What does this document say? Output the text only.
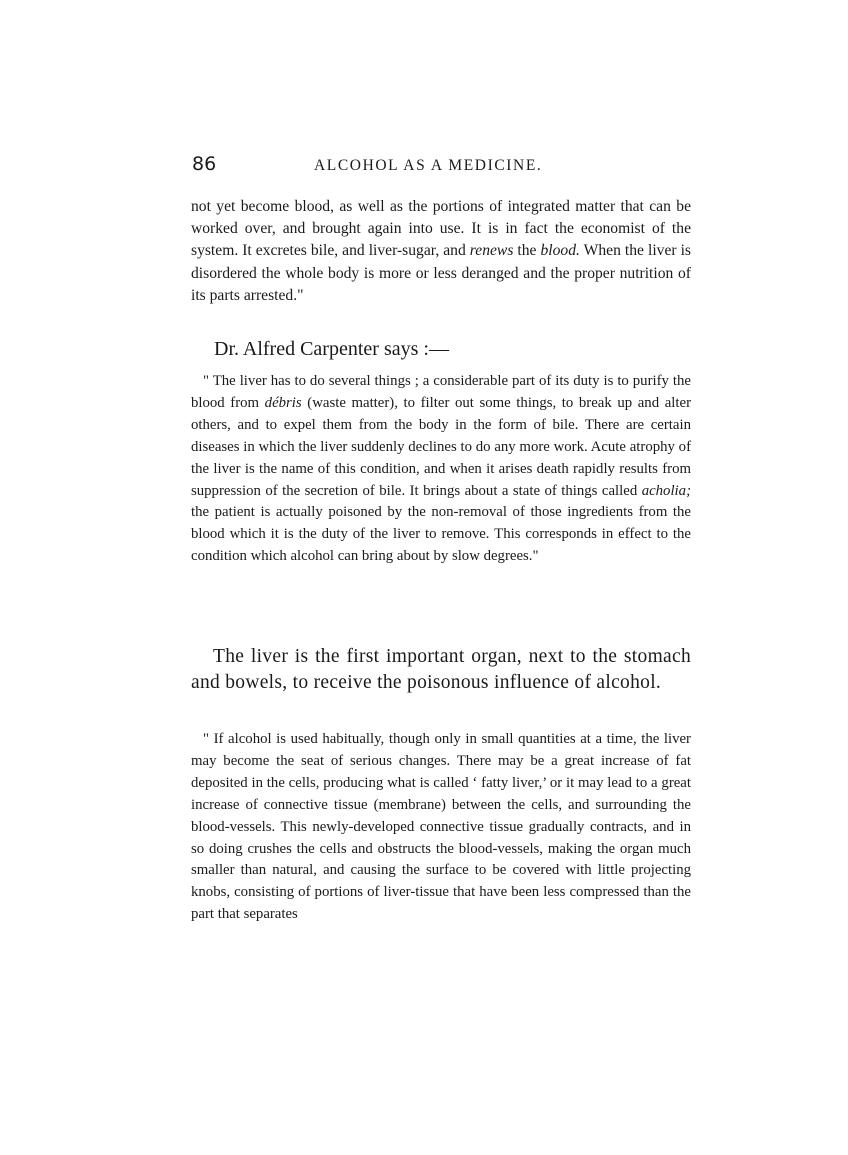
86	ALCOHOL AS A MEDICINE.

not yet become blood, as well as the portions of integrated matter that can be worked over, and brought again into use. It is in fact the economist of the system. It excretes bile, and liver-sugar, and renews the blood. When the liver is disordered the whole body is more or less deranged and the proper nutrition of its parts arrested."

Dr. Alfred Carpenter says :—

" The liver has to do several things ; a considerable part of its duty is to purify the blood from débris (waste matter), to filter out some things, to break up and alter others, and to expel them from the body in the form of bile. There are certain diseases in which the liver suddenly declines to do any more work. Acute atrophy of the liver is the name of this condition, and when it arises death rapidly results from suppression of the secretion of bile. It brings about a state of things called acholia; the patient is actually poisoned by the non-removal of those ingredients from the blood which it is the duty of the liver to remove. This corresponds in effect to the condition which alcohol can bring about by slow degrees."

The liver is the first important organ, next to the stomach and bowels, to receive the poisonous influence of alcohol.

" If alcohol is used habitually, though only in small quantities at a time, the liver may become the seat of serious changes. There may be a great increase of fat deposited in the cells, producing what is called ‘ fatty liver,’ or it may lead to a great increase of connective tissue (membrane) between the cells, and surrounding the blood-vessels. This newly-developed connective tissue gradually contracts, and in so doing crushes the cells and obstructs the blood-vessels, making the organ much smaller than natural, and causing the surface to be covered with little projecting knobs, consisting of portions of liver-tissue that have been less compressed than the part that separates
